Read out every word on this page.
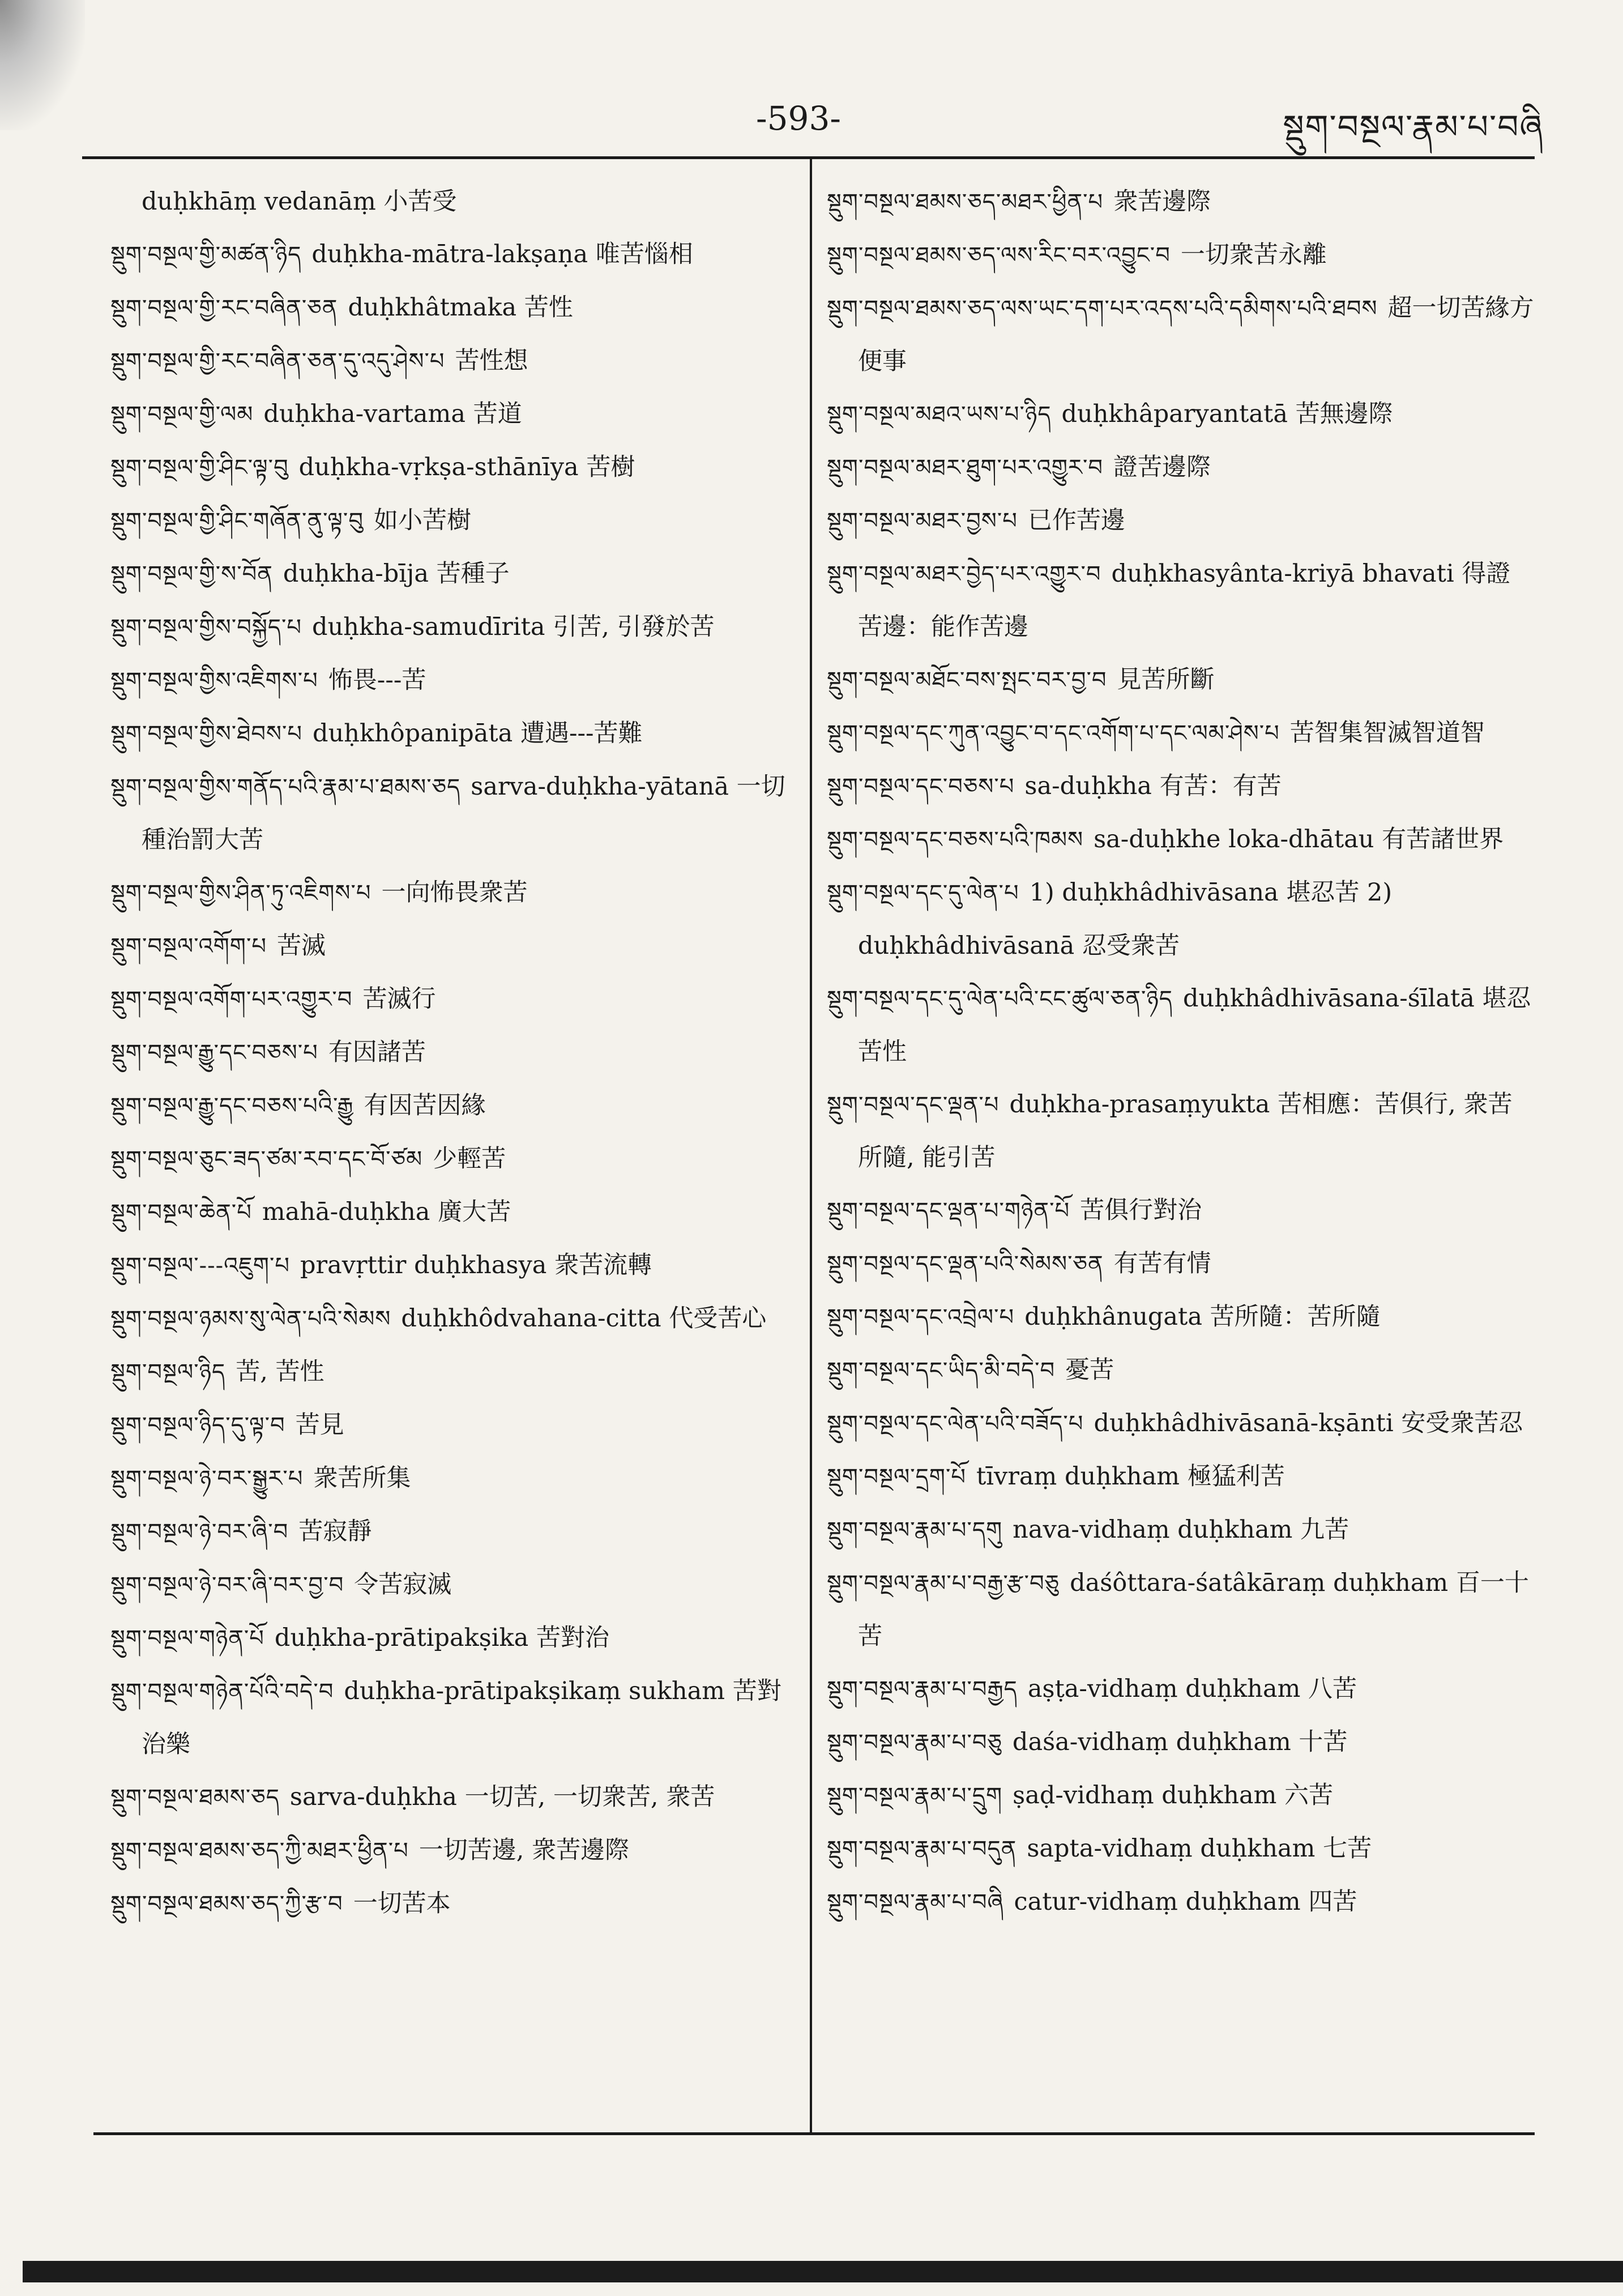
-593-	སྡུག་བསྔལ་རྣམ་པ་བཞི
duḥkhāṃ vedanāṃ 小苦受
སྡུག་བསྔལ་གྱི་མཚན་ཉིད duḥkha-mātra-lakṣaṇa 唯苦惱相
སྡུག་བསྔལ་གྱི་རང་བཞིན་ཅན duḥkhâtmaka 苦性
སྡུག་བསྔལ་གྱི་རང་བཞིན་ཅན་དུ་འདུ་ཤེས་པ 苦性想
སྡུག་བསྔལ་གྱི་ལམ duḥkha-vartama 苦道
སྡུག་བསྔལ་གྱི་ཤིང་ལྟ་བུ duḥkha-vṛkṣa-sthānīya 苦樹
སྡུག་བསྔལ་གྱི་ཤིང་གཞོན་ནུ་ལྟ་བུ 如小苦樹
སྡུག་བསྔལ་གྱི་ས་བོན duḥkha-bīja 苦種子
སྡུག་བསྔལ་གྱིས་བསྐྱོད་པ duḥkha-samudīrita 引苦, 引發於苦
སྡུག་བསྔལ་གྱིས་འཇིགས་པ 怖畏---苦
སྡུག་བསྔལ་གྱིས་ཐེབས་པ duḥkhôpanipāta 遭遇---苦難
སྡུག་བསྔལ་གྱིས་གནོད་པའི་རྣམ་པ་ཐམས་ཅད sarva-duḥkha-yātanā 一切種治罰大苦
སྡུག་བསྔལ་གྱིས་ཤིན་ཏུ་འཇིགས་པ 一向怖畏衆苦
སྡུག་བསྔལ་འགོག་པ 苦滅
སྡུག་བསྔལ་འགོག་པར་འགྱུར་བ 苦滅行
སྡུག་བསྔལ་རྒྱུ་དང་བཅས་པ 有因諸苦
སྡུག་བསྔལ་རྒྱུ་དང་བཅས་པའི་རྒྱུ 有因苦因緣
སྡུག་བསྔལ་ཅུང་ཟད་ཙམ་རབ་དང་བོ་ཙམ 少輕苦
སྡུག་བསྔལ་ཆེན་པོ mahā-duḥkha 廣大苦
སྡུག་བསྔལ་---འཇུག་པ pravṛttir duḥkhasya 衆苦流轉
སྡུག་བསྔལ་ཉམས་སུ་ལེན་པའི་སེམས duḥkhôdvahana-citta 代受苦心
སྡུག་བསྔལ་ཉིད 苦, 苦性
སྡུག་བསྔལ་ཉིད་དུ་ལྟ་བ 苦見
སྡུག་བསྔལ་ཉེ་བར་སྒྱུར་པ 衆苦所集
སྡུག་བསྔལ་ཉེ་བར་ཞི་བ 苦寂靜
སྡུག་བསྔལ་ཉེ་བར་ཞི་བར་བྱ་བ 令苦寂滅
སྡུག་བསྔལ་གཉེན་པོ duḥkha-prātipakṣika 苦對治
སྡུག་བསྔལ་གཉེན་པོའི་བདེ་བ duḥkha-prātipakṣikaṃ sukham 苦對治樂
སྡུག་བསྔལ་ཐམས་ཅད sarva-duḥkha 一切苦, 一切衆苦, 衆苦
སྡུག་བསྔལ་ཐམས་ཅད་ཀྱི་མཐར་ཕྱིན་པ 一切苦邊, 衆苦邊際
སྡུག་བསྔལ་ཐམས་ཅད་ཀྱི་རྩ་བ 一切苦本
སྡུག་བསྔལ་ཐམས་ཅད་མཐར་ཕྱིན་པ 衆苦邊際
སྡུག་བསྔལ་ཐམས་ཅད་ལས་རིང་བར་འབྱུང་བ 一切衆苦永離
སྡུག་བསྔལ་ཐམས་ཅད་ལས་ཡང་དག་པར་འདས་པའི་དམིགས་པའི་ཐབས 超一切苦緣方便事
སྡུག་བསྔལ་མཐའ་ཡས་པ་ཉིད duḥkhâparyantatā 苦無邊際
སྡུག་བསྔལ་མཐར་ཐུག་པར་འགྱུར་བ 證苦邊際
སྡུག་བསྔལ་མཐར་བྱས་པ 已作苦邊
སྡུག་བསྔལ་མཐར་བྱེད་པར་འགྱུར་བ duḥkhasyânta-kriyā bhavati 得證苦邊：能作苦邊
སྡུག་བསྔལ་མཐོང་བས་སྤང་བར་བྱ་བ 見苦所斷
སྡུག་བསྔལ་དང་ཀུན་འབྱུང་བ་དང་འགོག་པ་དང་ལམ་ཤེས་པ 苦智集智滅智道智
སྡུག་བསྔལ་དང་བཅས་པ sa-duḥkha 有苦：有苦
སྡུག་བསྔལ་དང་བཅས་པའི་ཁམས sa-duḥkhe loka-dhātau 有苦諸世界
སྡུག་བསྔལ་དང་དུ་ལེན་པ 1) duḥkhâdhivāsana 堪忍苦 2) duḥkhâdhivāsanā 忍受衆苦
སྡུག་བསྔལ་དང་དུ་ལེན་པའི་ངང་ཚུལ་ཅན་ཉིད duḥkhâdhivāsana-śīlatā 堪忍苦性
སྡུག་བསྔལ་དང་ལྡན་པ duḥkha-prasaṃyukta 苦相應：苦俱行, 衆苦所隨, 能引苦
སྡུག་བསྔལ་དང་ལྡན་པ་གཉེན་པོ 苦俱行對治
སྡུག་བསྔལ་དང་ལྡན་པའི་སེམས་ཅན 有苦有情
སྡུག་བསྔལ་དང་འབྲེལ་པ duḥkhânugata 苦所隨：苦所隨
སྡུག་བསྔལ་དང་ཡིད་མི་བདེ་བ 憂苦
སྡུག་བསྔལ་དང་ལེན་པའི་བཟོད་པ duḥkhâdhivāsanā-kṣānti 安受衆苦忍
སྡུག་བསྔལ་དྲག་པོ tīvraṃ duḥkham 極猛利苦
སྡུག་བསྔལ་རྣམ་པ་དགུ nava-vidhaṃ duḥkham 九苦
སྡུག་བསྔལ་རྣམ་པ་བརྒྱ་རྩ་བཅུ daśôttara-śatâkāraṃ duḥkham 百一十苦
སྡུག་བསྔལ་རྣམ་པ་བརྒྱད aṣṭa-vidhaṃ duḥkham 八苦
སྡུག་བསྔལ་རྣམ་པ་བཅུ daśa-vidhaṃ duḥkham 十苦
སྡུག་བསྔལ་རྣམ་པ་དྲུག ṣaḍ-vidhaṃ duḥkham 六苦
སྡུག་བསྔལ་རྣམ་པ་བདུན sapta-vidhaṃ duḥkham 七苦
སྡུག་བསྔལ་རྣམ་པ་བཞི catur-vidhaṃ duḥkham 四苦
